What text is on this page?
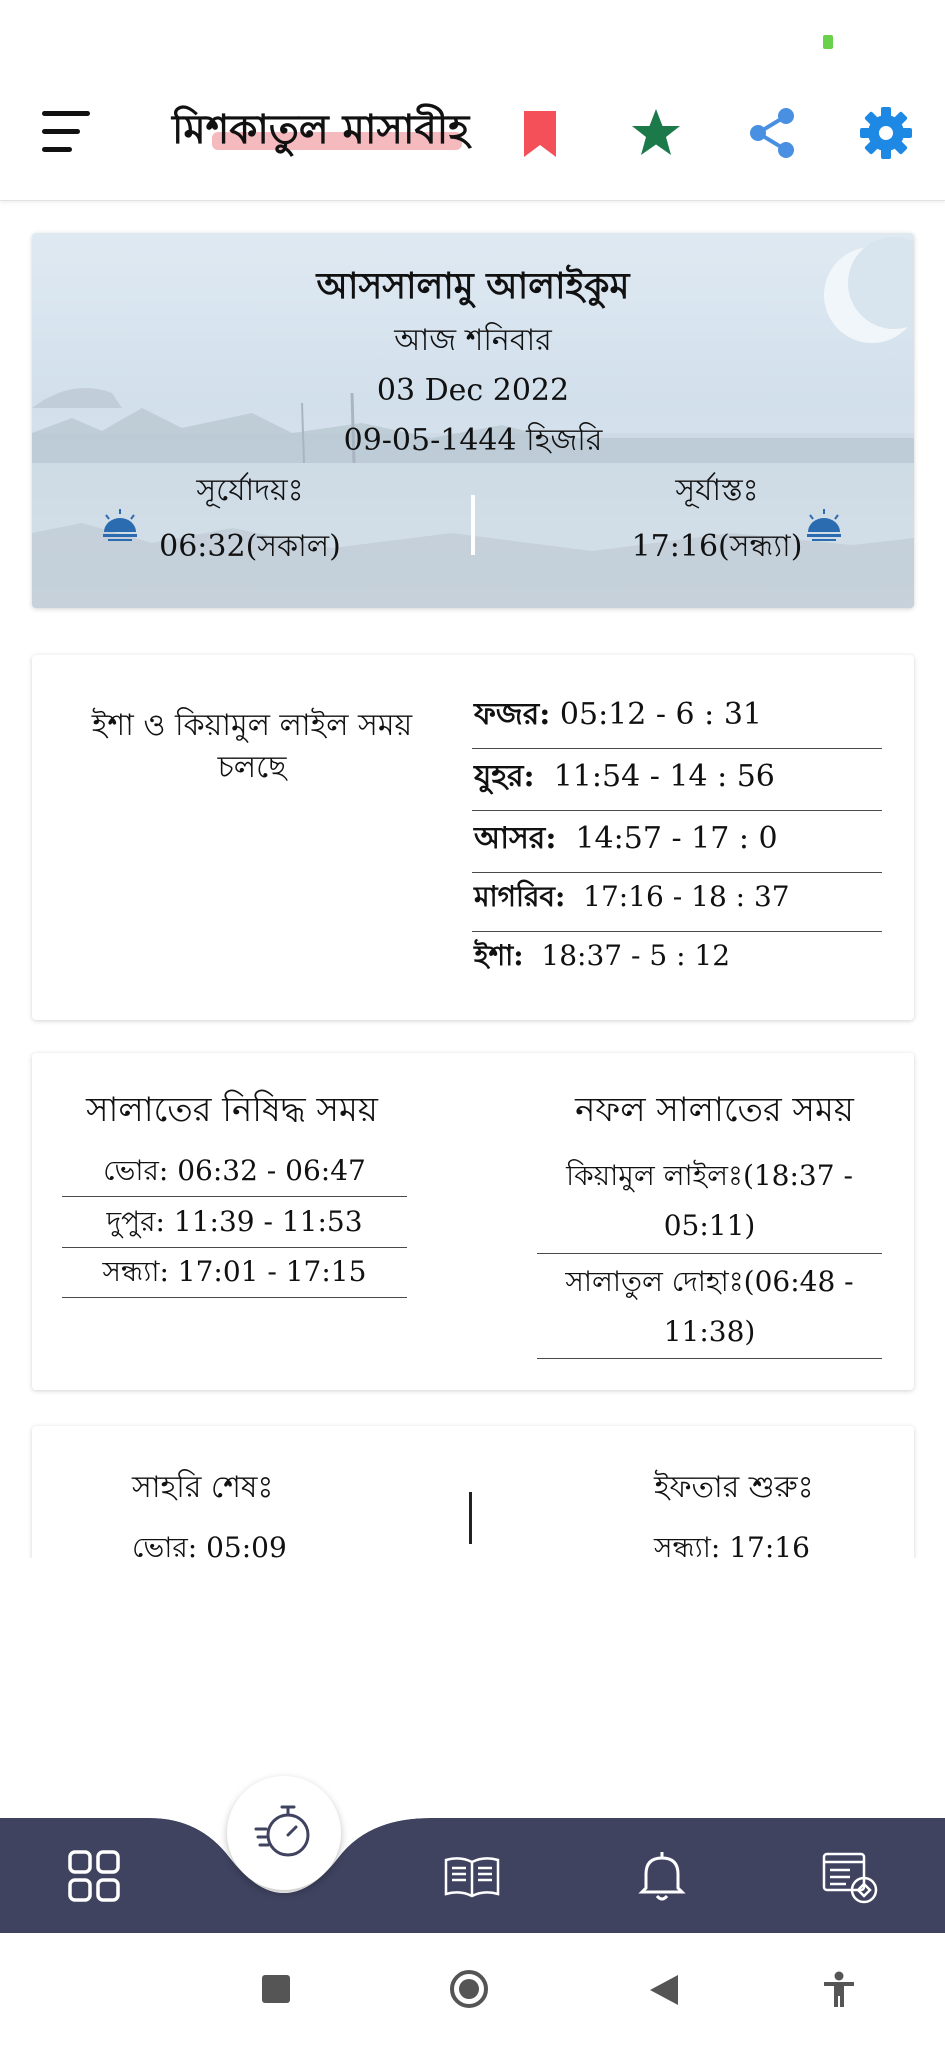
মিশকাতুল মাসাবীহ
আসসালামু আলাইকুম
আজ শনিবার
03 Dec 2022
09-05-1444 হিজরি
সূর্যোদয়ঃ
06:32(সকাল)
সূর্যাস্তঃ
17:16(সন্ধ্যা)
ইশা ও কিয়ামুল লাইল সময় চলছে
ফজর: 05:12 - 6 : 31
যুহর: 11:54 - 14 : 56
আসর: 14:57 - 17 : 0
মাগরিব: 17:16 - 18 : 37
ইশা: 18:37 - 5 : 12
সালাতের নিষিদ্ধ সময়
ভোর: 06:32 - 06:47
দুপুর: 11:39 - 11:53
সন্ধ্যা: 17:01 - 17:15
নফল সালাতের সময়
কিয়ামুল লাইলঃ(18:37 -
05:11)
সালাতুল দোহাঃ(06:48 -
11:38)
সাহরি শেষঃ
ভোর: 05:09
ইফতার শুরুঃ
সন্ধ্যা: 17:16
